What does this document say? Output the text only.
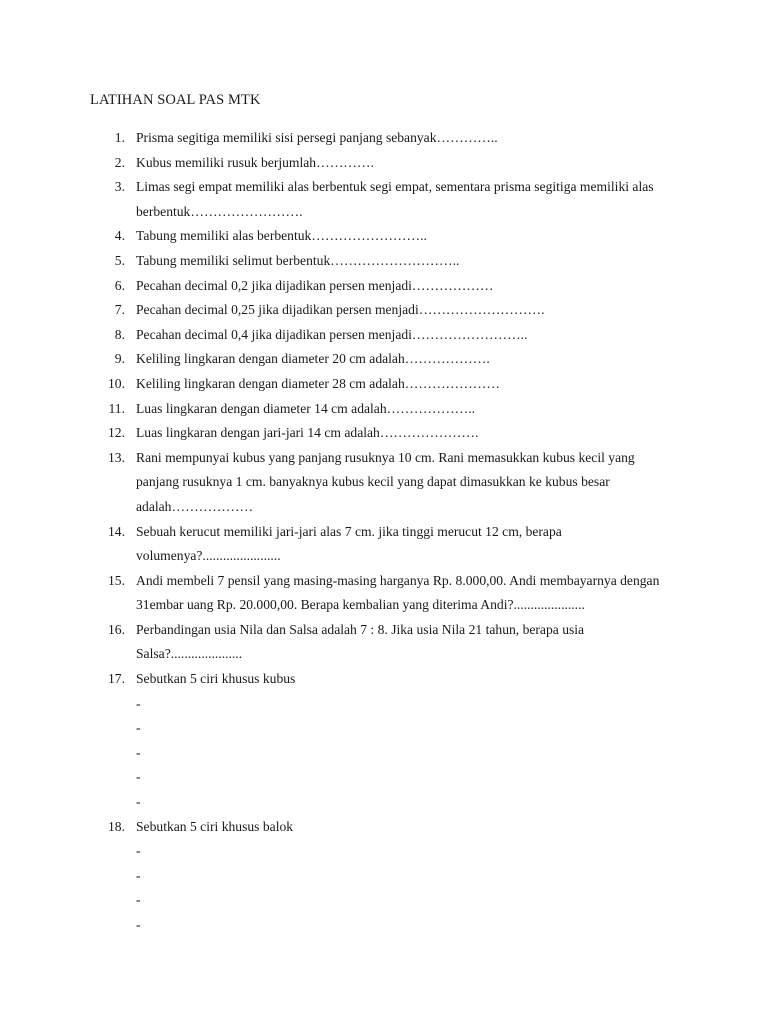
LATIHAN SOAL PAS MTK
1. Prisma segitiga memiliki sisi persegi panjang sebanyak…………..
2. Kubus memiliki rusuk berjumlah………….
3. Limas segi empat memiliki alas berbentuk segi empat, sementara prisma segitiga memiliki alas berbentuk…………………….
4. Tabung memiliki alas berbentuk……………………..
5. Tabung memiliki selimut berbentuk………………………..
6. Pecahan decimal 0,2 jika dijadikan persen menjadi………………
7. Pecahan decimal 0,25 jika dijadikan persen menjadi……………………….
8. Pecahan decimal 0,4 jika dijadikan persen menjadi……………………..
9. Keliling lingkaran dengan diameter 20 cm adalah……………….
10. Keliling lingkaran dengan diameter 28 cm adalah…………………
11. Luas lingkaran dengan diameter 14 cm adalah………………..
12. Luas lingkaran dengan jari-jari 14 cm adalah………………….
13. Rani mempunyai kubus yang panjang rusuknya 10 cm. Rani memasukkan kubus kecil yang panjang rusuknya 1 cm. banyaknya kubus kecil yang dapat dimasukkan ke kubus besar adalah………………
14. Sebuah kerucut memiliki jari-jari alas 7 cm. jika tinggi merucut 12 cm, berapa volumenya?.......................
15. Andi membeli 7 pensil yang masing-masing harganya Rp. 8.000,00. Andi membayarnya dengan 31embar uang Rp. 20.000,00. Berapa kembalian yang diterima Andi?.....................
16. Perbandingan usia Nila dan Salsa adalah 7 : 8. Jika usia Nila 21 tahun, berapa usia Salsa?.....................
17. Sebutkan 5 ciri khusus kubus
-
-
-
-
-
18. Sebutkan 5 ciri khusus balok
-
-
-
-
